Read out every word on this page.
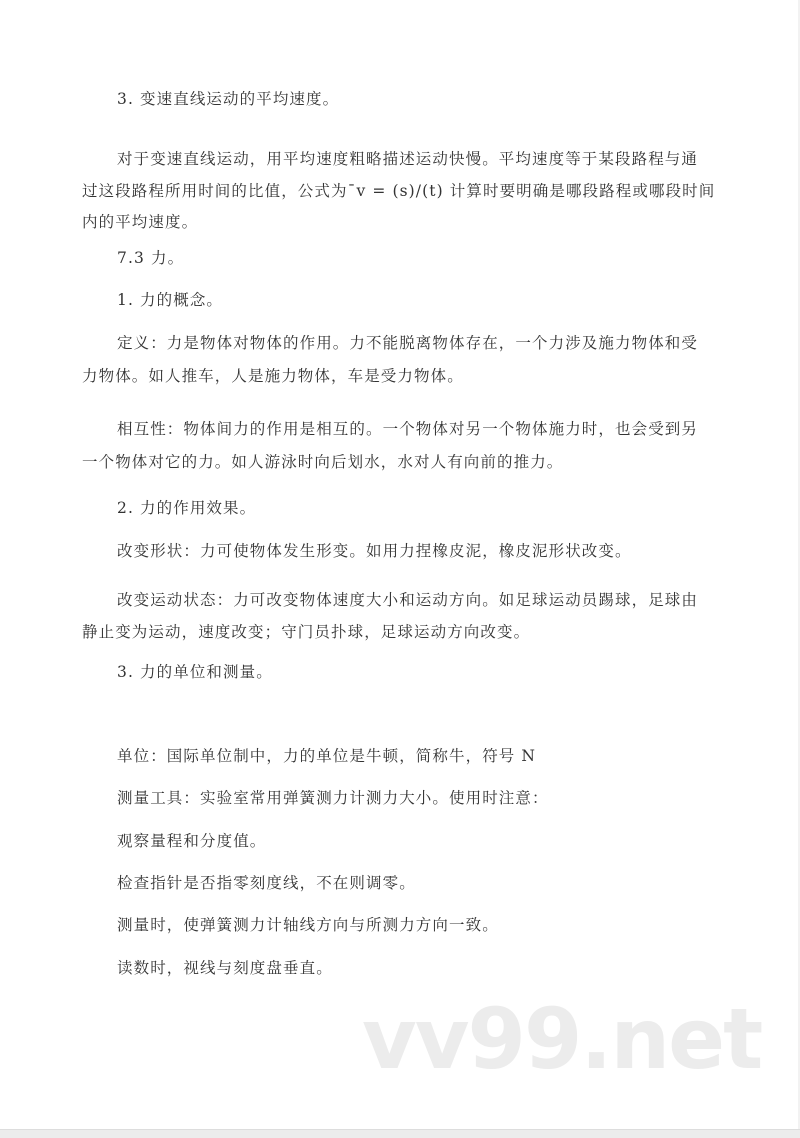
3. 变速直线运动的平均速度。
对于变速直线运动，用平均速度粗略描述运动快慢。平均速度等于某段路程与通
过这段路程所用时间的比值，公式为ˉv = (s)/(t) 计算时要明确是哪段路程或哪段时间
内的平均速度。
7.3 力。
1. 力的概念。
定义：力是物体对物体的作用。力不能脱离物体存在，一个力涉及施力物体和受
力物体。如人推车，人是施力物体，车是受力物体。
相互性：物体间力的作用是相互的。一个物体对另一个物体施力时，也会受到另
一个物体对它的力。如人游泳时向后划水，水对人有向前的推力。
2. 力的作用效果。
改变形状：力可使物体发生形变。如用力捏橡皮泥，橡皮泥形状改变。
改变运动状态：力可改变物体速度大小和运动方向。如足球运动员踢球，足球由
静止变为运动，速度改变；守门员扑球，足球运动方向改变。
3. 力的单位和测量。
单位：国际单位制中，力的单位是牛顿，简称牛，符号 N
测量工具：实验室常用弹簧测力计测力大小。使用时注意：
观察量程和分度值。
检查指针是否指零刻度线，不在则调零。
测量时，使弹簧测力计轴线方向与所测力方向一致。
读数时，视线与刻度盘垂直。
vv99.net
